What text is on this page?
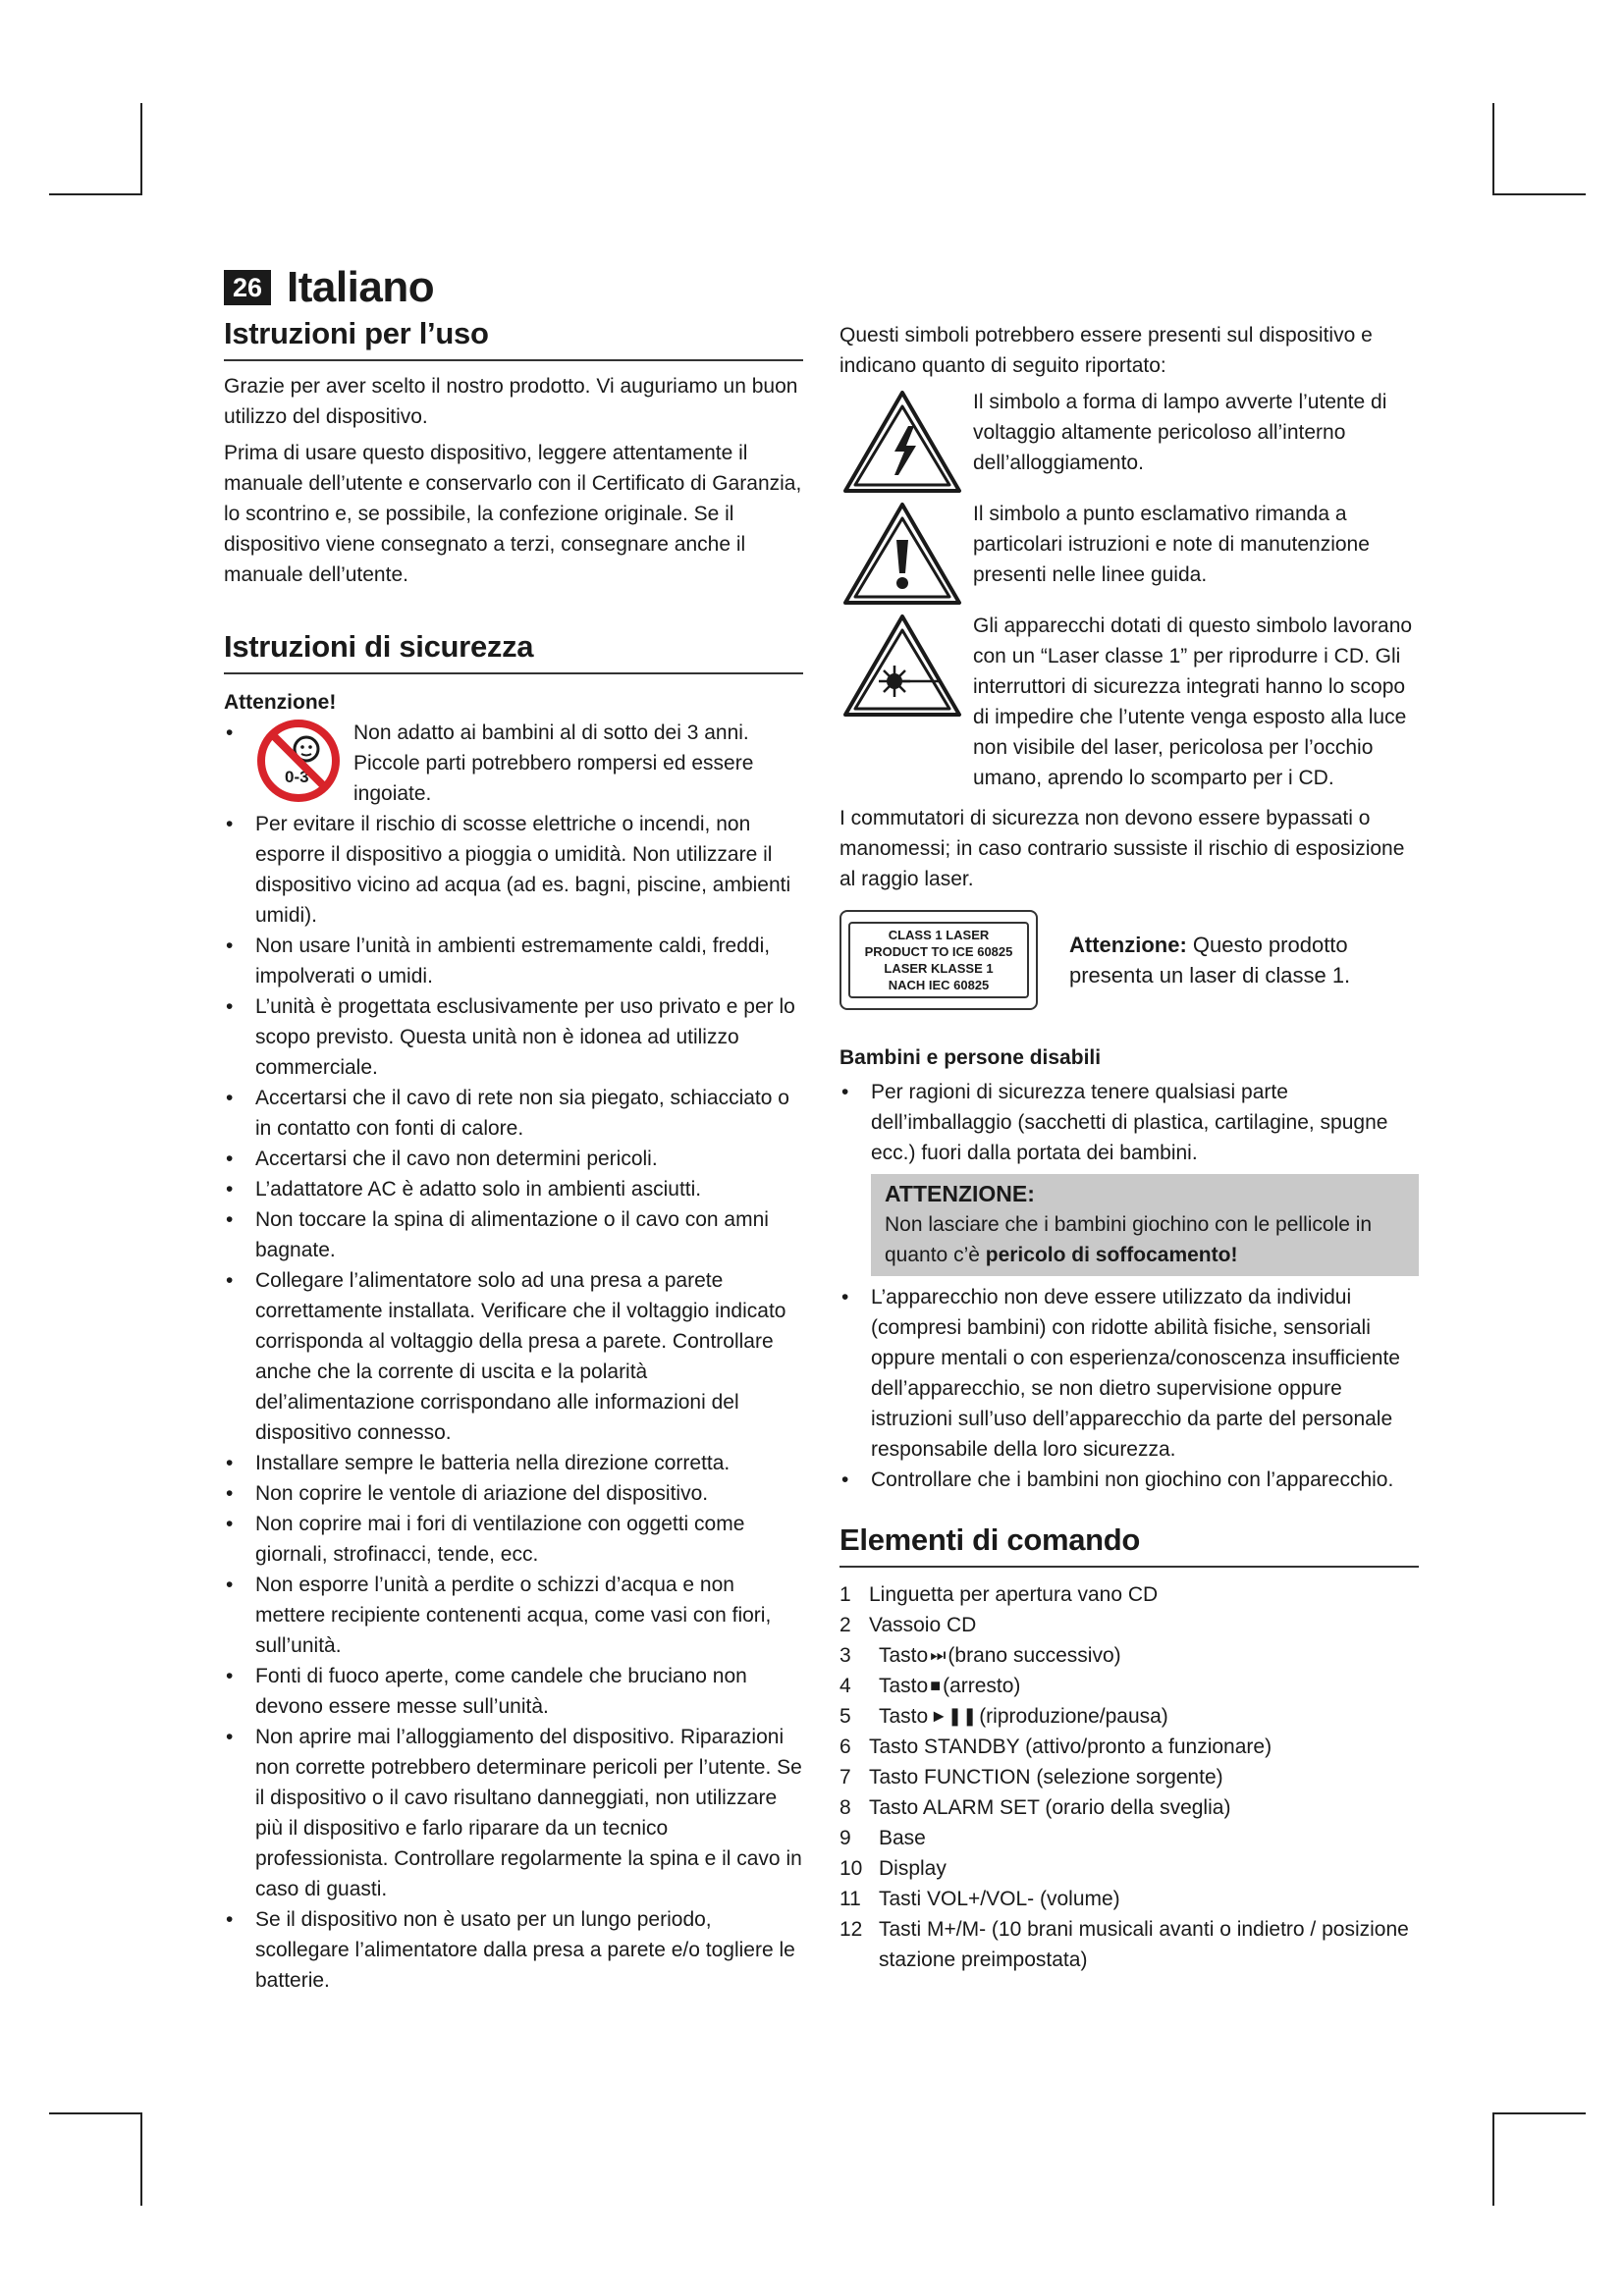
26 Italiano
Istruzioni per l’uso

Grazie per aver scelto il nostro prodotto. Vi auguriamo un buon utilizzo del dispositivo.

Prima di usare questo dispositivo, leggere attentamente il manuale dell’utente e conservarlo con il Certificato di Garanzia, lo scontrino e, se possibile, la confezione originale. Se il dispositivo viene consegnato a terzi, consegnare anche il manuale dell’utente.

Istruzioni di sicurezza

Attenzione!

• 0-3
Non adatto ai bambini al di sotto dei 3 anni. Piccole parti potrebbero rompersi ed essere ingoiate.
• Per evitare il rischio di scosse elettriche o incendi, non esporre il dispositivo a pioggia o umidità. Non utilizzare il dispositivo vicino ad acqua (ad es. bagni, piscine, ambienti umidi).
• Non usare l’unità in ambienti estremamente caldi, freddi, impolverati o umidi.
• L’unità è progettata esclusivamente per uso privato e per lo scopo previsto. Questa unità non è idonea ad utilizzo commerciale.
• Accertarsi che il cavo di rete non sia piegato, schiacciato o in contatto con fonti di calore.
• Accertarsi che il cavo non determini pericoli.
• L’adattatore AC è adatto solo in ambienti asciutti.
• Non toccare la spina di alimentazione o il cavo con amni bagnate.
• Collegare l’alimentatore solo ad una presa a parete correttamente installata. Verificare che il voltaggio indicato corrisponda al voltaggio della presa a parete. Controllare anche che la corrente di uscita e la polarità del’alimentazione corrispondano alle informazioni del dispositivo connesso.
• Installare sempre le batteria nella direzione corretta.
• Non coprire le ventole di ariazione del dispositivo.
• Non coprire mai i fori di ventilazione con oggetti come giornali, strofinacci, tende, ecc.
• Non esporre l’unità a perdite o schizzi d’acqua e non mettere recipiente contenenti acqua, come vasi con fiori, sull’unità.
• Fonti di fuoco aperte, come candele che bruciano non devono essere messe sull’unità.
• Non aprire mai l’alloggiamento del dispositivo. Riparazioni non corrette potrebbero determinare pericoli per l’utente. Se il dispositivo o il cavo risultano danneggiati, non utilizzare più il dispositivo e farlo riparare da un tecnico professionista. Controllare regolarmente la spina e il cavo in caso di guasti.
• Se il dispositivo non è usato per un lungo periodo, scollegare l’alimentatore dalla presa a parete e/o togliere le batterie.

Questi simboli potrebbero essere presenti sul dispositivo e indicano quanto di seguito riportato:

Il simbolo a forma di lampo avverte l’utente di voltaggio altamente pericoloso all’interno dell’alloggiamento.
Il simbolo a punto esclamativo rimanda a particolari istruzioni e note di manutenzione presenti nelle linee guida.
Gli apparecchi dotati di questo simbolo lavorano con un “Laser classe 1” per riprodurre i CD. Gli interruttori di sicurezza integrati hanno lo scopo di impedire che l’utente venga esposto alla luce non visibile del laser, pericolosa per l’occhio umano, aprendo lo scomparto per i CD.

I commutatori di sicurezza non devono essere bypassati o manomessi; in caso contrario sussiste il rischio di esposizione al raggio laser.

CLASS 1 LASER
PRODUCT TO ICE 60825
LASER KLASSE 1
NACH IEC 60825
Attenzione: Questo prodotto presenta un laser di classe 1.

Bambini e persone disabili

• Per ragioni di sicurezza tenere qualsiasi parte dell’imballaggio (sacchetti di plastica, cartilagine, spugne ecc.) fuori dalla portata dei bambini.
ATTENZIONE:
Non lasciare che i bambini giochino con le pellicole in quanto c’è pericolo di soffocamento!
• L’apparecchio non deve essere utilizzato da individui (compresi bambini) con ridotte abilità fisiche, sensoriali oppure mentali o con esperienza/conoscenza insufficiente dell’apparecchio, se non dietro supervisione oppure istruzioni sull’uso dell’apparecchio da parte del personale responsabile della loro sicurezza.
• Controllare che i bambini non giochino con l’apparecchio.
Elementi di comando
1 Linguetta per apertura vano CD
2 Vassoio CD
3	Tasto ⏭ (brano successivo)
4	Tasto ■ (arresto)
5	Tasto ►❚❚ (riproduzione/pausa)
6 Tasto STANDBY (attivo/pronto a funzionare)
7 Tasto FUNCTION (selezione sorgente)
8 Tasto ALARM SET (orario della sveglia)
9	Base
10 Display
11 Tasti VOL+/VOL- (volume)
12 Tasti M+/M- (10 brani musicali avanti o indietro / posizione stazione preimpostata)
